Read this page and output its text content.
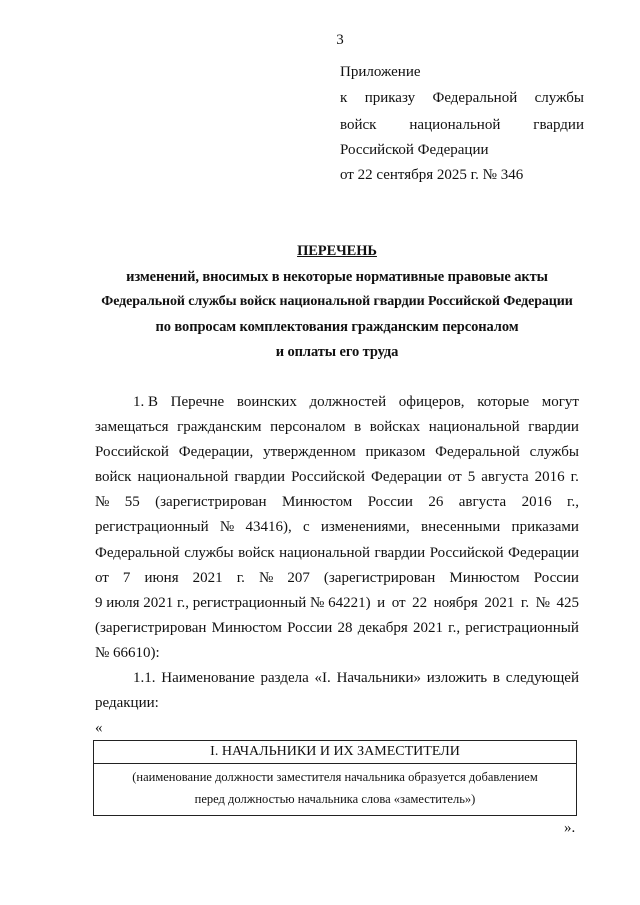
3
Приложение
к приказу Федеральной службы
войск национальной гвардии
Российской Федерации
от 22 сентября 2025 г. № 346
ПЕРЕЧЕНЬ
изменений, вносимых в некоторые нормативные правовые акты
Федеральной службы войск национальной гвардии Российской Федерации
по вопросам комплектования гражданским персоналом
и оплаты его труда
1. В Перечне воинских должностей офицеров, которые могут
замещаться гражданским персоналом в войсках национальной гвардии
Российской Федерации, утвержденном приказом Федеральной службы
войск национальной гвардии Российской Федерации от 5 августа 2016 г.
№ 55 (зарегистрирован Минюстом России 26 августа 2016 г.,
регистрационный № 43416), с изменениями, внесенными приказами
Федеральной службы войск национальной гвардии Российской Федерации
от 7 июня 2021 г. № 207 (зарегистрирован Минюстом России
9 июля 2021 г., регистрационный № 64221) и от 22 ноября 2021 г. № 425
(зарегистрирован Минюстом России 28 декабря 2021 г., регистрационный
№ 66610):
1.1. Наименование раздела «I. Начальники» изложить в следующей
редакции:
«
I. НАЧАЛЬНИКИ И ИХ ЗАМЕСТИТЕЛИ
(наименование должности заместителя начальника образуется добавлением
перед должностью начальника слова «заместитель»)
».
